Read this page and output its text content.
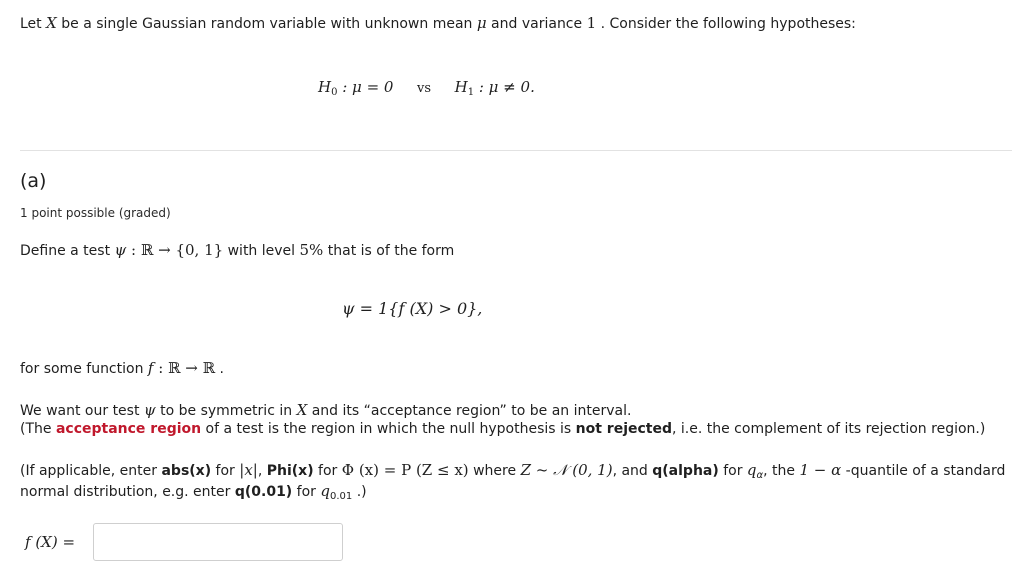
Let X be a single Gaussian random variable with unknown mean μ and variance 1 . Consider the following hypotheses:
$H_0$ : μ = 0 vs $H_1$ : μ ≠ 0.
(a)
1 point possible (graded)
Define a test ψ : ℝ → {0, 1} with level 5% that is of the form
ψ = 1{f (X) > 0},
for some function f : ℝ → ℝ .
We want our test ψ to be symmetric in X and its “acceptance region” to be an interval.
(The acceptance region of a test is the region in which the null hypothesis is not rejected, i.e. the complement of its rejection region.)
(If applicable, enter abs(x) for |x|, Phi(x) for Φ (x) = P (Z ≤ x) where Z ~ 𝒩 (0, 1), and q(alpha) for $q_\alpha$, the 1 − α -quantile of a standard
normal distribution, e.g. enter q(0.01) for $q_{0.01}$ .)
f (X) =
